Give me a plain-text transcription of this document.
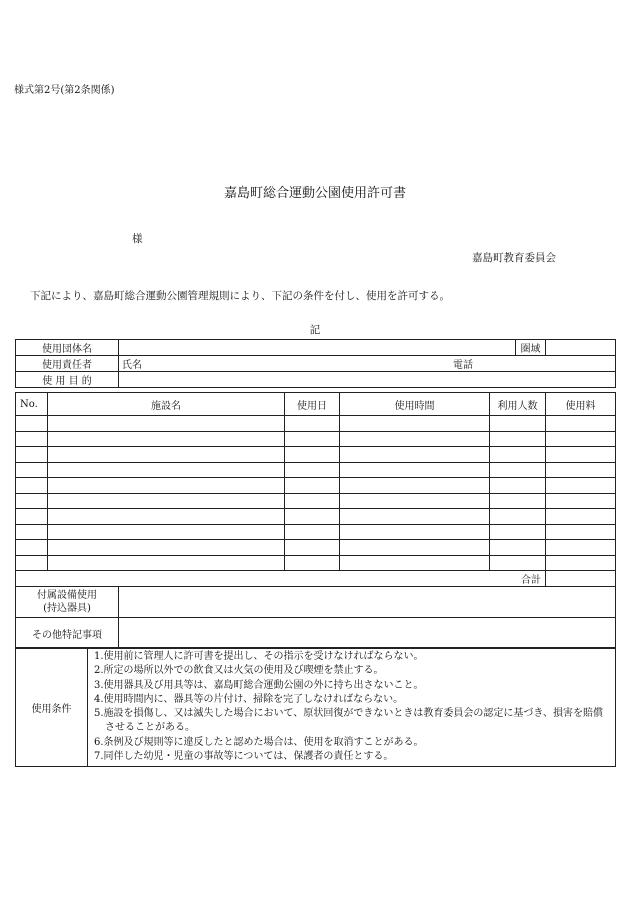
様式第2号(第2条関係)
嘉島町総合運動公園使用許可書
様
嘉島町教育委員会
下記により、嘉島町総合運動公園管理規則により、下記の条件を付し、使用を許可する。
記
使用団体名		圏域	
使用責任者	氏名 電話		

使 用 目 的			
No.	施設名	使用日	使用時間	利用人数	使用料

合計					
付属設備使用
(持込器具)	

その他特記事項	
使用条件	
1.使用前に管理人に許可書を提出し、その指示を受けなければならない。
2.所定の場所以外での飲食又は火気の使用及び喫煙を禁止する。
3.使用器具及び用具等は、嘉島町総合運動公園の外に持ち出さないこと。
4.使用時間内に、器具等の片付け、掃除を完了しなければならない。
5.施設を損傷し、又は滅失した場合において、原状回復ができないときは教育委員会の認定に基づき、損害を賠償させることがある。
6.条例及び規則等に違反したと認めた場合は、使用を取消すことがある。
7.同伴した幼児・児童の事故等については、保護者の責任とする。
